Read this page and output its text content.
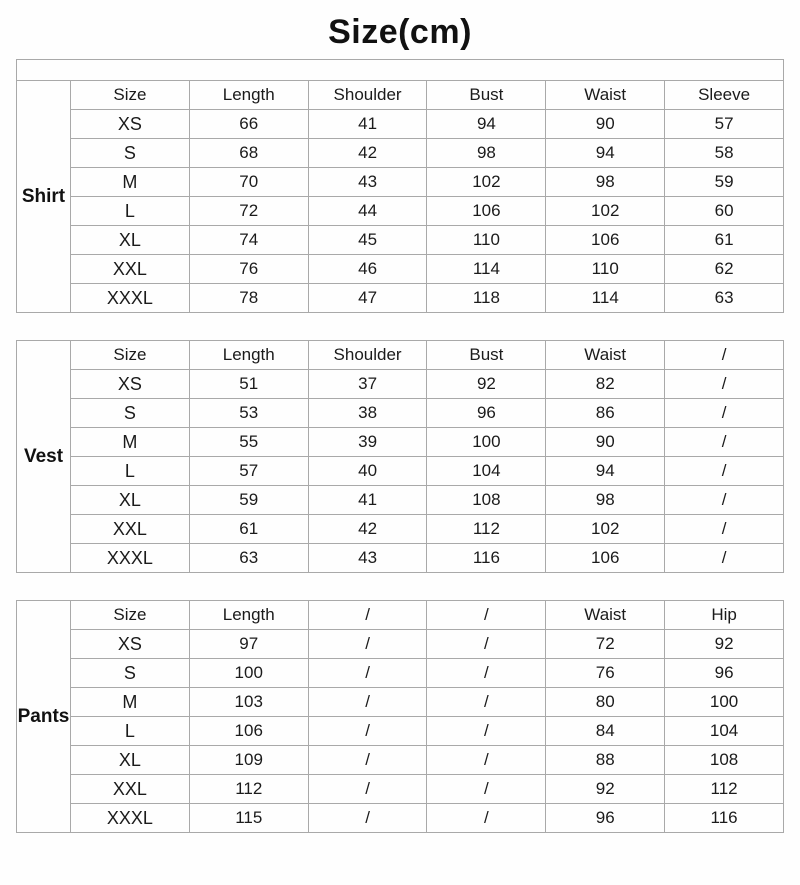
Size(cm)

Shirt	Size	Length	Shoulder	Bust	Waist	Sleeve
	XS	66	41	94	90	57
	S	68	42	98	94	58
	M	70	43	102	98	59
	L	72	44	106	102	60
	XL	74	45	110	106	61
	XXL	76	46	114	110	62
	XXXL	78	47	118	114	63
Vest	Size	Length	Shoulder	Bust	Waist	/
	XS	51	37	92	82	/
	S	53	38	96	86	/
	M	55	39	100	90	/
	L	57	40	104	94	/
	XL	59	41	108	98	/
	XXL	61	42	112	102	/
	XXXL	63	43	116	106	/
Pants	Size	Length	/	/	Waist	Hip
	XS	97	/	/	72	92
	S	100	/	/	76	96
	M	103	/	/	80	100
	L	106	/	/	84	104
	XL	109	/	/	88	108
	XXL	112	/	/	92	112
	XXXL	115	/	/	96	116
